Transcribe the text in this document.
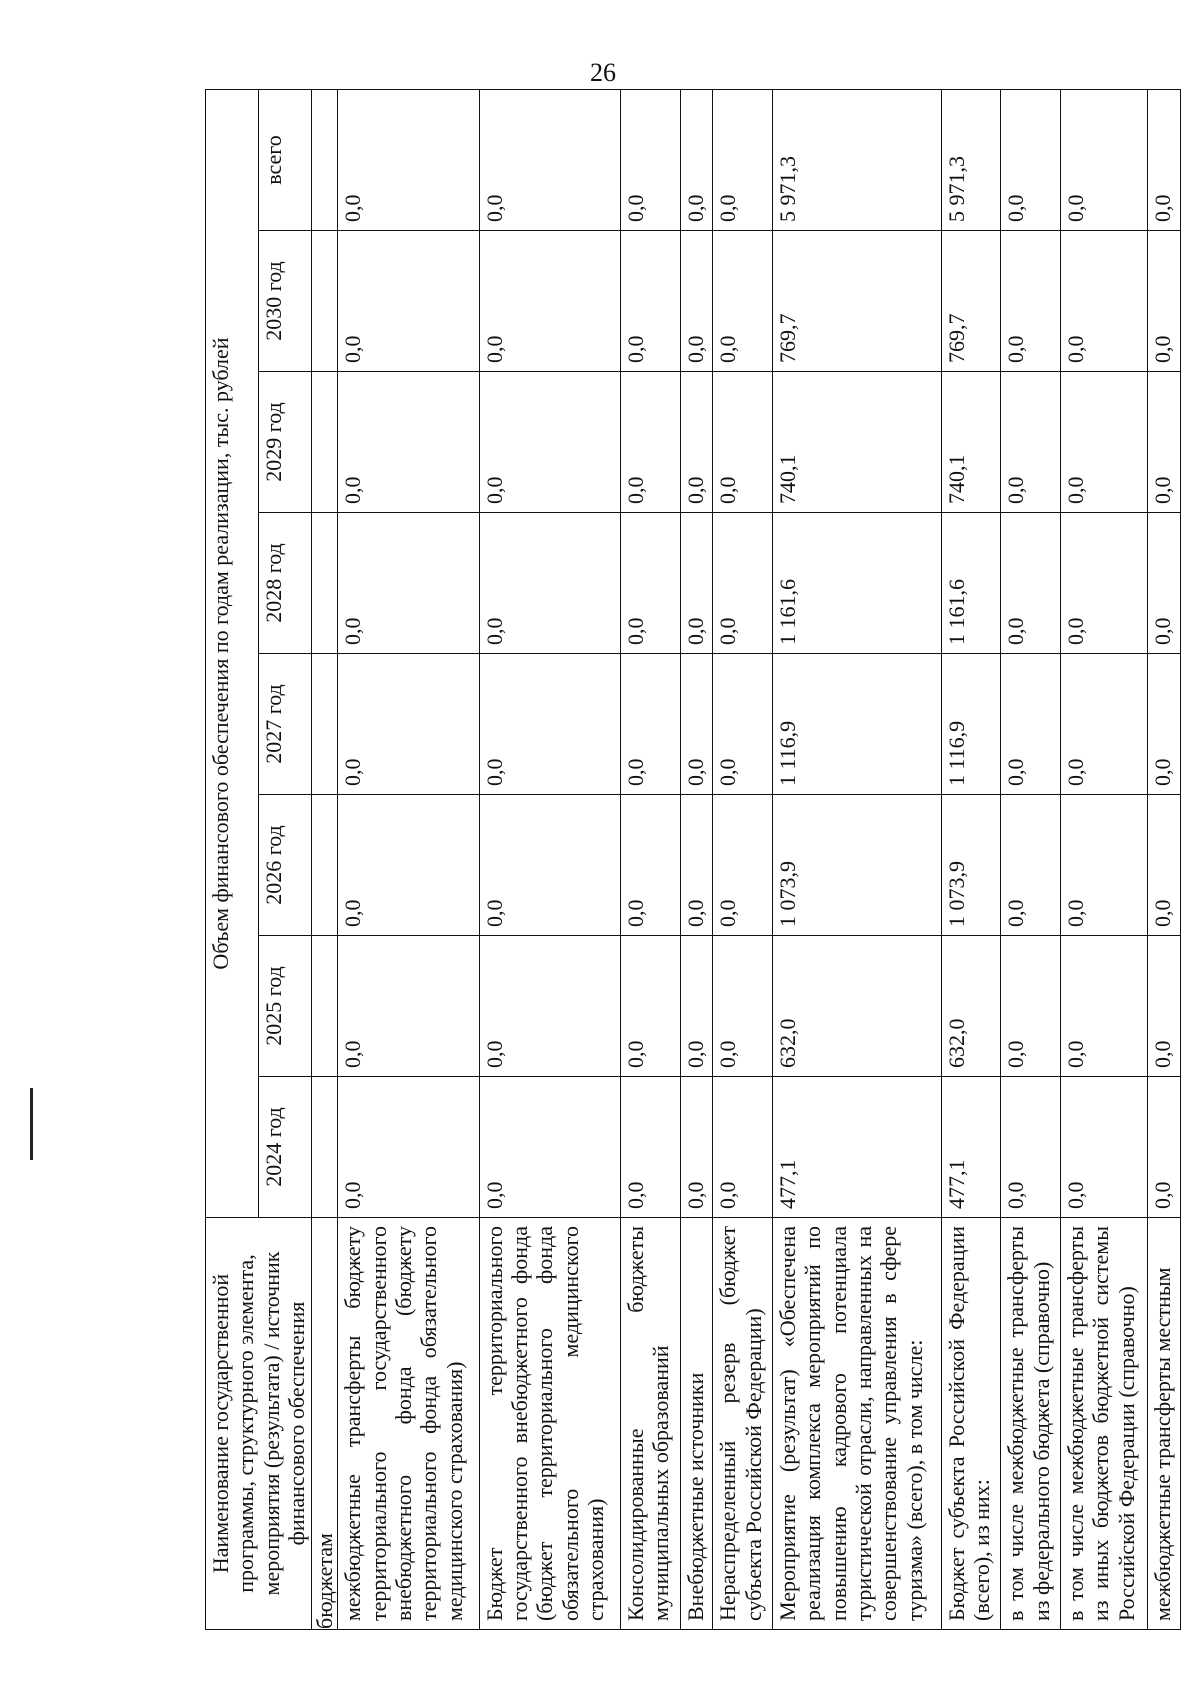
26
Наименование государственной программы, структурного элемента, мероприятия (результата) / источник финансового обеспечения	Объем финансового обеспечения по годам реализации, тыс. рублей							
	2024 год	2025 год	2026 год	2027 год	2028 год	2029 год	2030 год	всего
бюджетам								
межбюджетные трансферты бюджету территориального государственного внебюджетного фонда (бюджету территориального фонда обязательного медицинского страхования)	0,0	0,0	0,0	0,0	0,0	0,0	0,0	0,0
Бюджет территориального государственного внебюджетного фонда (бюджет территориального фонда обязательного медицинского страхования)	0,0	0,0	0,0	0,0	0,0	0,0	0,0	0,0
Консолидированные бюджеты муниципальных образований	0,0	0,0	0,0	0,0	0,0	0,0	0,0	0,0
Внебюджетные источники	0,0	0,0	0,0	0,0	0,0	0,0	0,0	0,0
Нераспределенный резерв (бюджет субъекта Российской Федерации)	0,0	0,0	0,0	0,0	0,0	0,0	0,0	0,0
Мероприятие (результат) «Обеспечена реализация комплекса мероприятий по повышению кадрового потенциала туристической отрасли, направленных на совершенствование управления в сфере туризма» (всего), в том числе:	477,1	632,0	1 073,9	1 116,9	1 161,6	740,1	769,7	5 971,3
Бюджет субъекта Российской Федерации (всего), из них:	477,1	632,0	1 073,9	1 116,9	1 161,6	740,1	769,7	5 971,3
в том числе межбюджетные трансферты из федерального бюджета (справочно)	0,0	0,0	0,0	0,0	0,0	0,0	0,0	0,0
в том числе межбюджетные трансферты из иных бюджетов бюджетной системы Российской Федерации (справочно)	0,0	0,0	0,0	0,0	0,0	0,0	0,0	0,0
межбюджетные трансферты местным	0,0	0,0	0,0	0,0	0,0	0,0	0,0	0,0
